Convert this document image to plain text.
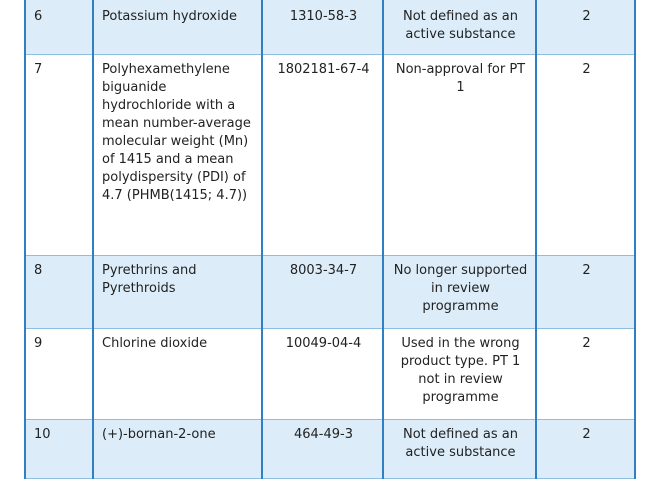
6	Potassium hydroxide	1310-58-3	Not defined as an active substance	2
7	Polyhexamethylene biguanide hydrochloride with a mean number-average molecular weight (Mn) of 1415 and a mean polydispersity (PDI) of 4.7 (PHMB(1415; 4.7))	1802181-67-4	Non-approval for PT 1	2
8	Pyrethrins and Pyrethroids	8003-34-7	No longer supported in review programme	2
9	Chlorine dioxide	10049-04-4	Used in the wrong product type. PT 1 not in review programme	2
10	(+)-bornan-2-one	464-49-3	Not defined as an active substance	2
